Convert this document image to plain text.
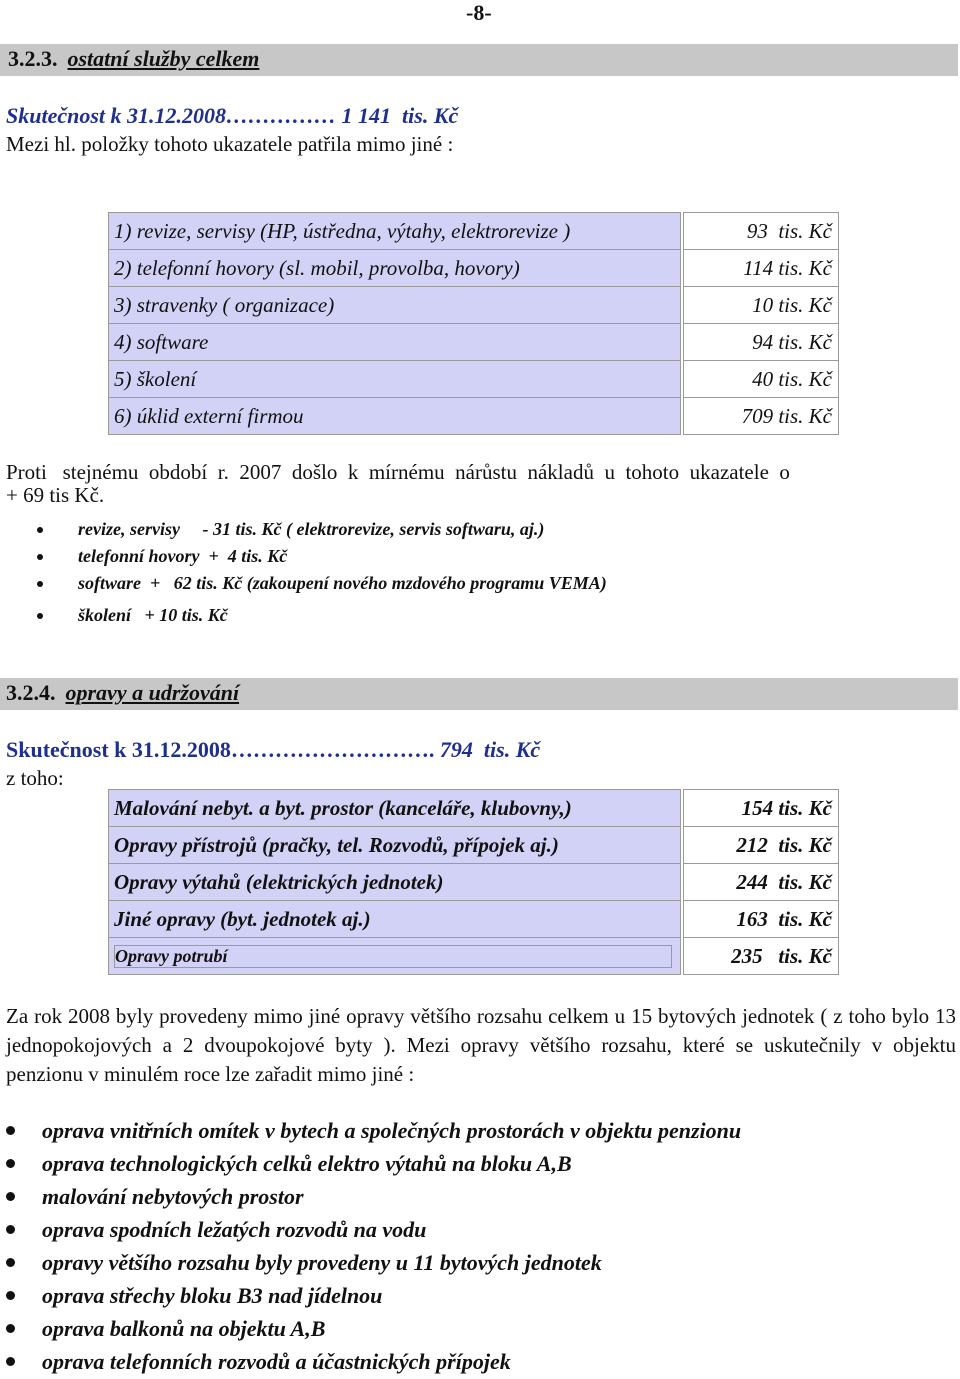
-8-
3.2.3. ostatní služby celkem
Skutečnost k 31.12.2008…………… 1 141  tis. Kč
Mezi hl. položky tohoto ukazatele patřila mimo jiné :
1) revize, servisy (HP, ústředna, výtahy, elektrorevize )		93  tis. Kč
2) telefonní hovory (sl. mobil, provolba, hovory)		114 tis. Kč
3) stravenky ( organizace)		10 tis. Kč
4) software		94 tis. Kč
5) školení		40 tis. Kč
6) úklid externí firmou		709 tis. Kč
Proti   stejnému  období  r.  2007  došlo  k  mírnému  nárůstu  nákladů  u  tohoto  ukazatele  o
+ 69 tis Kč.
revize, servisy     - 31 tis. Kč ( elektrorevize, servis softwaru, aj.)
telefonní hovory  +  4 tis. Kč
software  +   62 tis. Kč (zakoupení nového mzdového programu VEMA)
školení   + 10 tis. Kč
3.2.4. opravy a udržování
Skutečnost k 31.12.2008………………………. 794  tis. Kč
z toho:
Malování nebyt. a byt. prostor (kanceláře, klubovny,)		154 tis. Kč
Opravy přístrojů (pračky, tel. Rozvodů, přípojek aj.)		212  tis. Kč
Opravy výtahů (elektrických jednotek)		244  tis. Kč
Jiné opravy (byt. jednotek aj.)		163  tis. Kč
Opravy potrubí		235   tis. Kč
Za rok 2008 byly provedeny mimo jiné opravy většího rozsahu celkem u 15 bytových jednotek ( z toho bylo 13 jednopokojových a 2 dvoupokojové byty ). Mezi opravy většího rozsahu, které se uskutečnily v objektu penzionu v minulém roce lze zařadit mimo jiné :
oprava vnitřních omítek v bytech a společných prostorách v objektu penzionu
oprava technologických celků elektro výtahů na bloku A,B
malování nebytových prostor
oprava spodních ležatých rozvodů na vodu
opravy většího rozsahu byly provedeny u 11 bytových jednotek
oprava střechy bloku B3 nad jídelnou
oprava balkonů na objektu A,B
oprava telefonních rozvodů a účastnických přípojek
